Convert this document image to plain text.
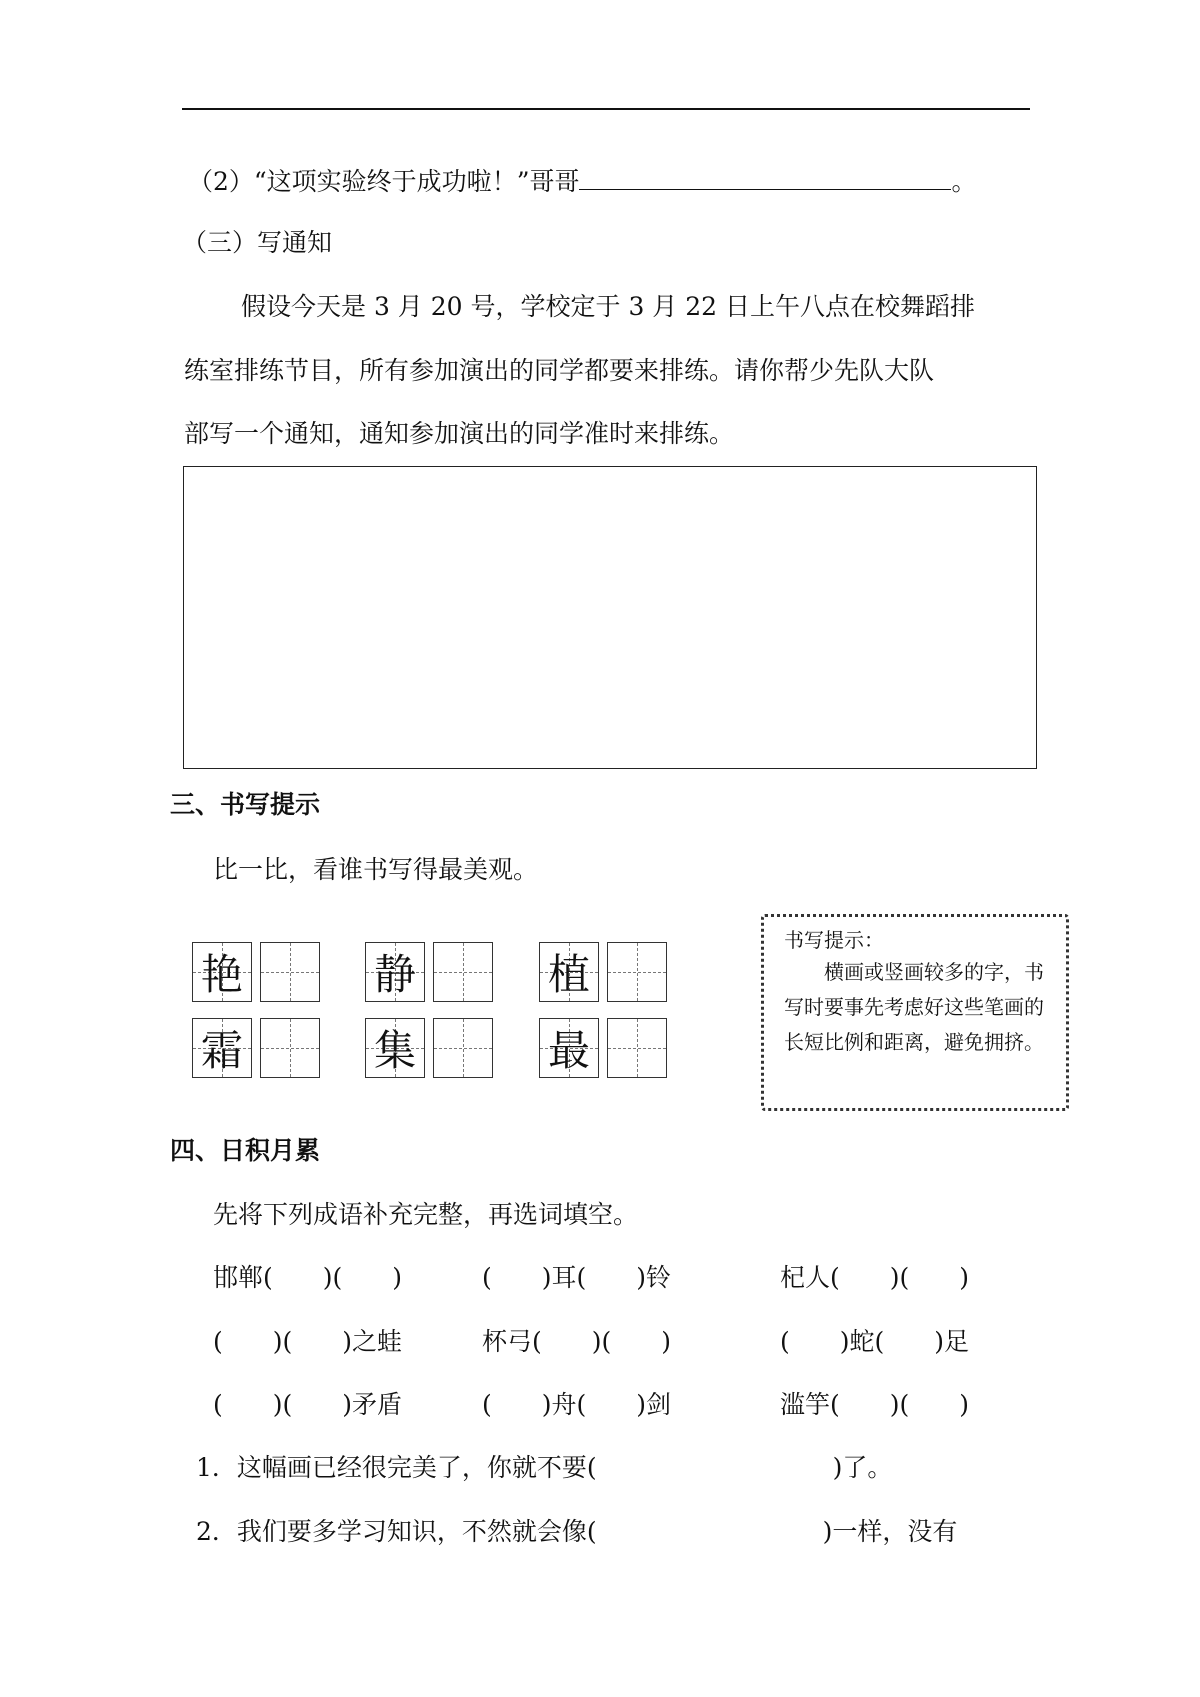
（2）“这项实验终于成功啦！”哥哥	。
（三）写通知
假设今天是 3 月 20 号，学校定于 3 月 22 日上午八点在校舞蹈排
练室排练节目，所有参加演出的同学都要来排练。请你帮少先队大队
部写一个通知，通知参加演出的同学准时来排练。
三、书写提示
比一比，看谁书写得最美观。
艳	静	植
霜	集	最
书写提示：
横画或竖画较多的字，书写时要事先考虑好这些笔画的长短比例和距离，避免拥挤。
四、日积月累
先将下列成语补充完整，再选词填空。
邯郸(　　)(　　)	(　　)耳(　　)铃	杞人(　　)(　　)
(　　)(　　)之蛙	杯弓(　　)(　　)	(　　)蛇(　　)足
(　　)(　　)矛盾	(　　)舟(　　)剑	滥竽(　　)(　　)
1．这幅画已经很完美了，你就不要(	)了。
2．我们要多学习知识，不然就会像(	)一样，没有
